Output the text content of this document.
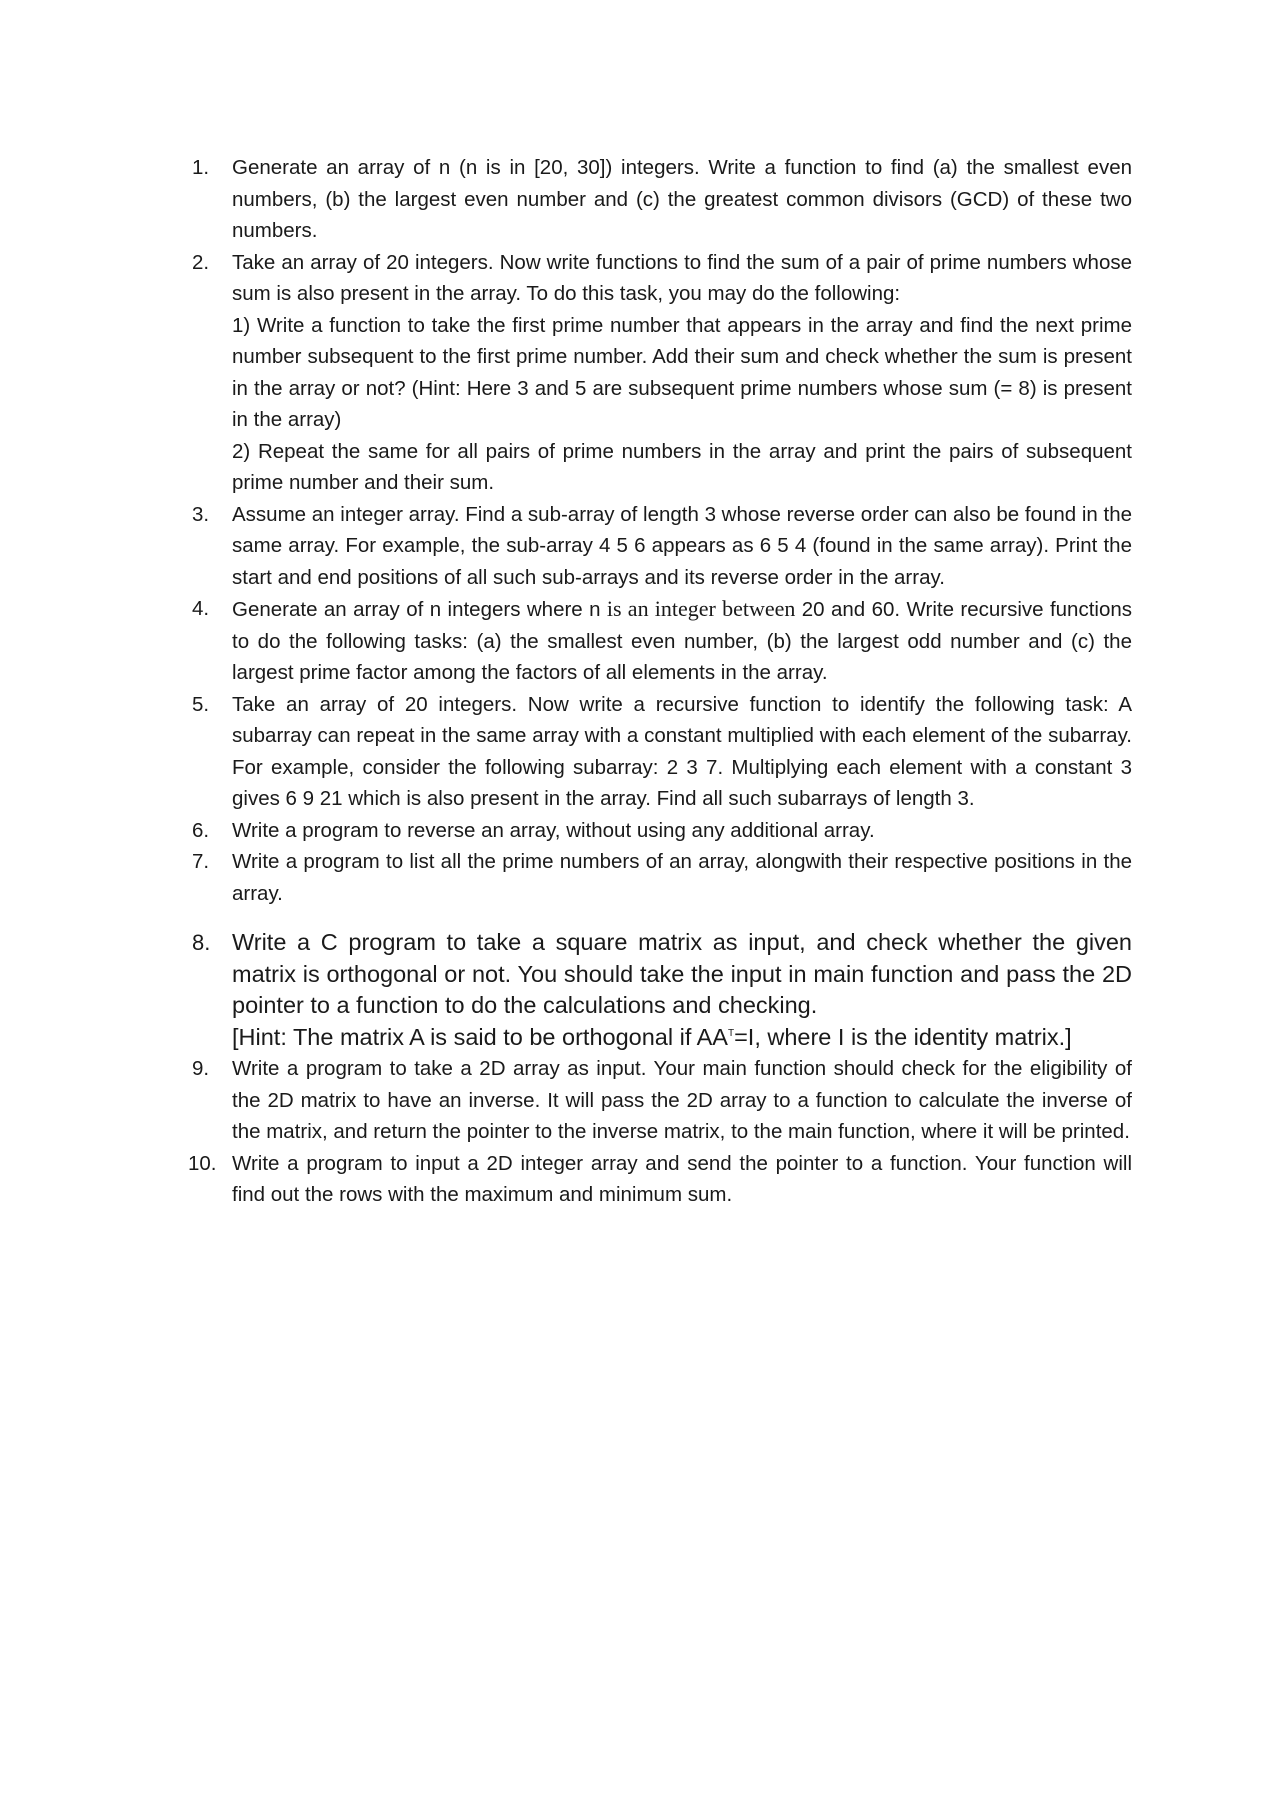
1.	Generate an array of n (n is in [20, 30]) integers. Write a function to find (a) the smallest even numbers, (b) the largest even number and (c) the greatest common divisors (GCD) of these two numbers.
2.	Take an array of 20 integers. Now write functions to find the sum of a pair of prime numbers whose sum is also present in the array. To do this task, you may do the following:
1) Write a function to take the first prime number that appears in the array and find the next prime number subsequent to the first prime number. Add their sum and check whether the sum is present in the array or not? (Hint: Here 3 and 5 are subsequent prime numbers whose sum (= 8) is present in the array)
2) Repeat the same for all pairs of prime numbers in the array and print the pairs of subsequent prime number and their sum.
3.	Assume an integer array. Find a sub-array of length 3 whose reverse order can also be found in the same array. For example, the sub-array 4 5 6 appears as 6 5 4 (found in the same array). Print the start and end positions of all such sub-arrays and its reverse order in the array.
4.	Generate an array of n integers where n is an integer between 20 and 60. Write recursive functions to do the following tasks: (a) the smallest even number, (b) the largest odd number and (c) the largest prime factor among the factors of all elements in the array.
5.	Take an array of 20 integers. Now write a recursive function to identify the following task: A subarray can repeat in the same array with a constant multiplied with each element of the subarray. For example, consider the following subarray: 2 3 7. Multiplying each element with a constant 3 gives 6 9 21 which is also present in the array. Find all such subarrays of length 3.
6.	Write a program to reverse an array, without using any additional array.
7.	Write a program to list all the prime numbers of an array, alongwith their respective positions in the array.
8. Write a C program to take a square matrix as input, and check whether the given matrix is orthogonal or not. You should take the input in main function and pass the 2D pointer to a function to do the calculations and checking.
[Hint: The matrix A is said to be orthogonal if $AA^T=I$, where I is the identity matrix.]
9.	Write a program to take a 2D array as input. Your main function should check for the eligibility of the 2D matrix to have an inverse. It will pass the 2D array to a function to calculate the inverse of the matrix, and return the pointer to the inverse matrix, to the main function, where it will be printed.
10. Write a program to input a 2D integer array and send the pointer to a function. Your function will find out the rows with the maximum and minimum sum.
